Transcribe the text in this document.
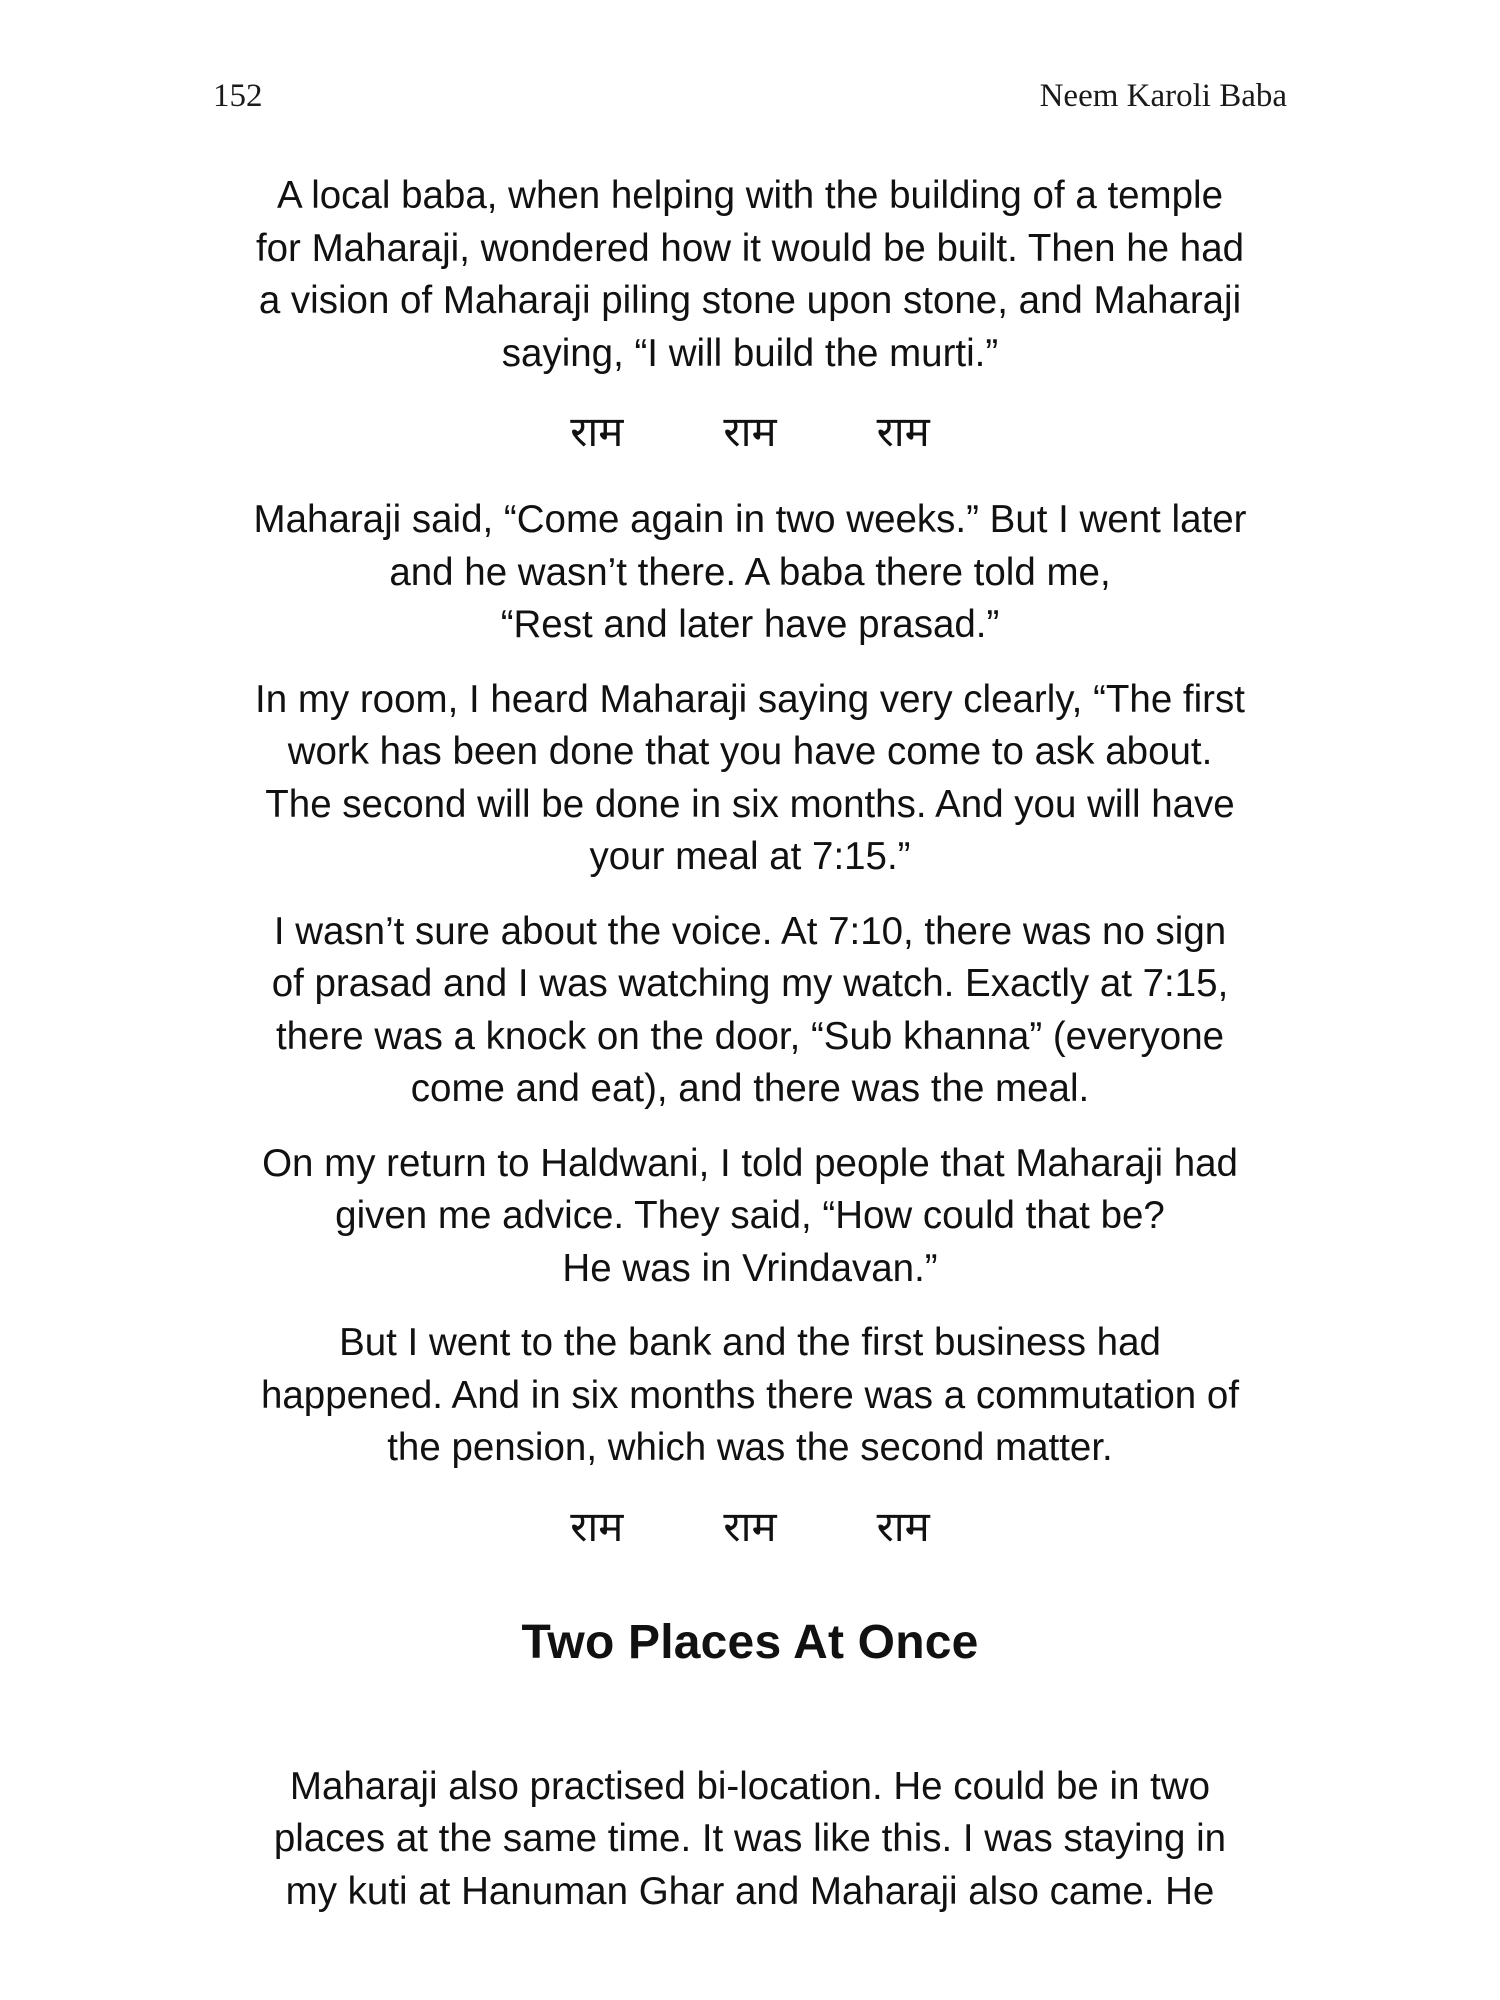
152	Neem Karoli Baba

A local baba, when helping with the building of a temple
for Maharaji, wondered how it would be built. Then he had
a vision of Maharaji piling stone upon stone, and Maharaji
saying, “I will build the murti.”

राम राम राम

Maharaji said, “Come again in two weeks.” But I went later
and he wasn’t there. A baba there told me,
“Rest and later have prasad.”

In my room, I heard Maharaji saying very clearly, “The first
work has been done that you have come to ask about.
The second will be done in six months. And you will have
your meal at 7:15.”

I wasn’t sure about the voice. At 7:10, there was no sign
of prasad and I was watching my watch. Exactly at 7:15,
there was a knock on the door, “Sub khanna” (everyone
come and eat), and there was the meal.

On my return to Haldwani, I told people that Maharaji had
given me advice. They said, “How could that be?
He was in Vrindavan.”

But I went to the bank and the first business had
happened. And in six months there was a commutation of
the pension, which was the second matter.

राम राम राम
Two Places At Once

Maharaji also practised bi-location. He could be in two
places at the same time. It was like this. I was staying in
my kuti at Hanuman Ghar and Maharaji also came. He
